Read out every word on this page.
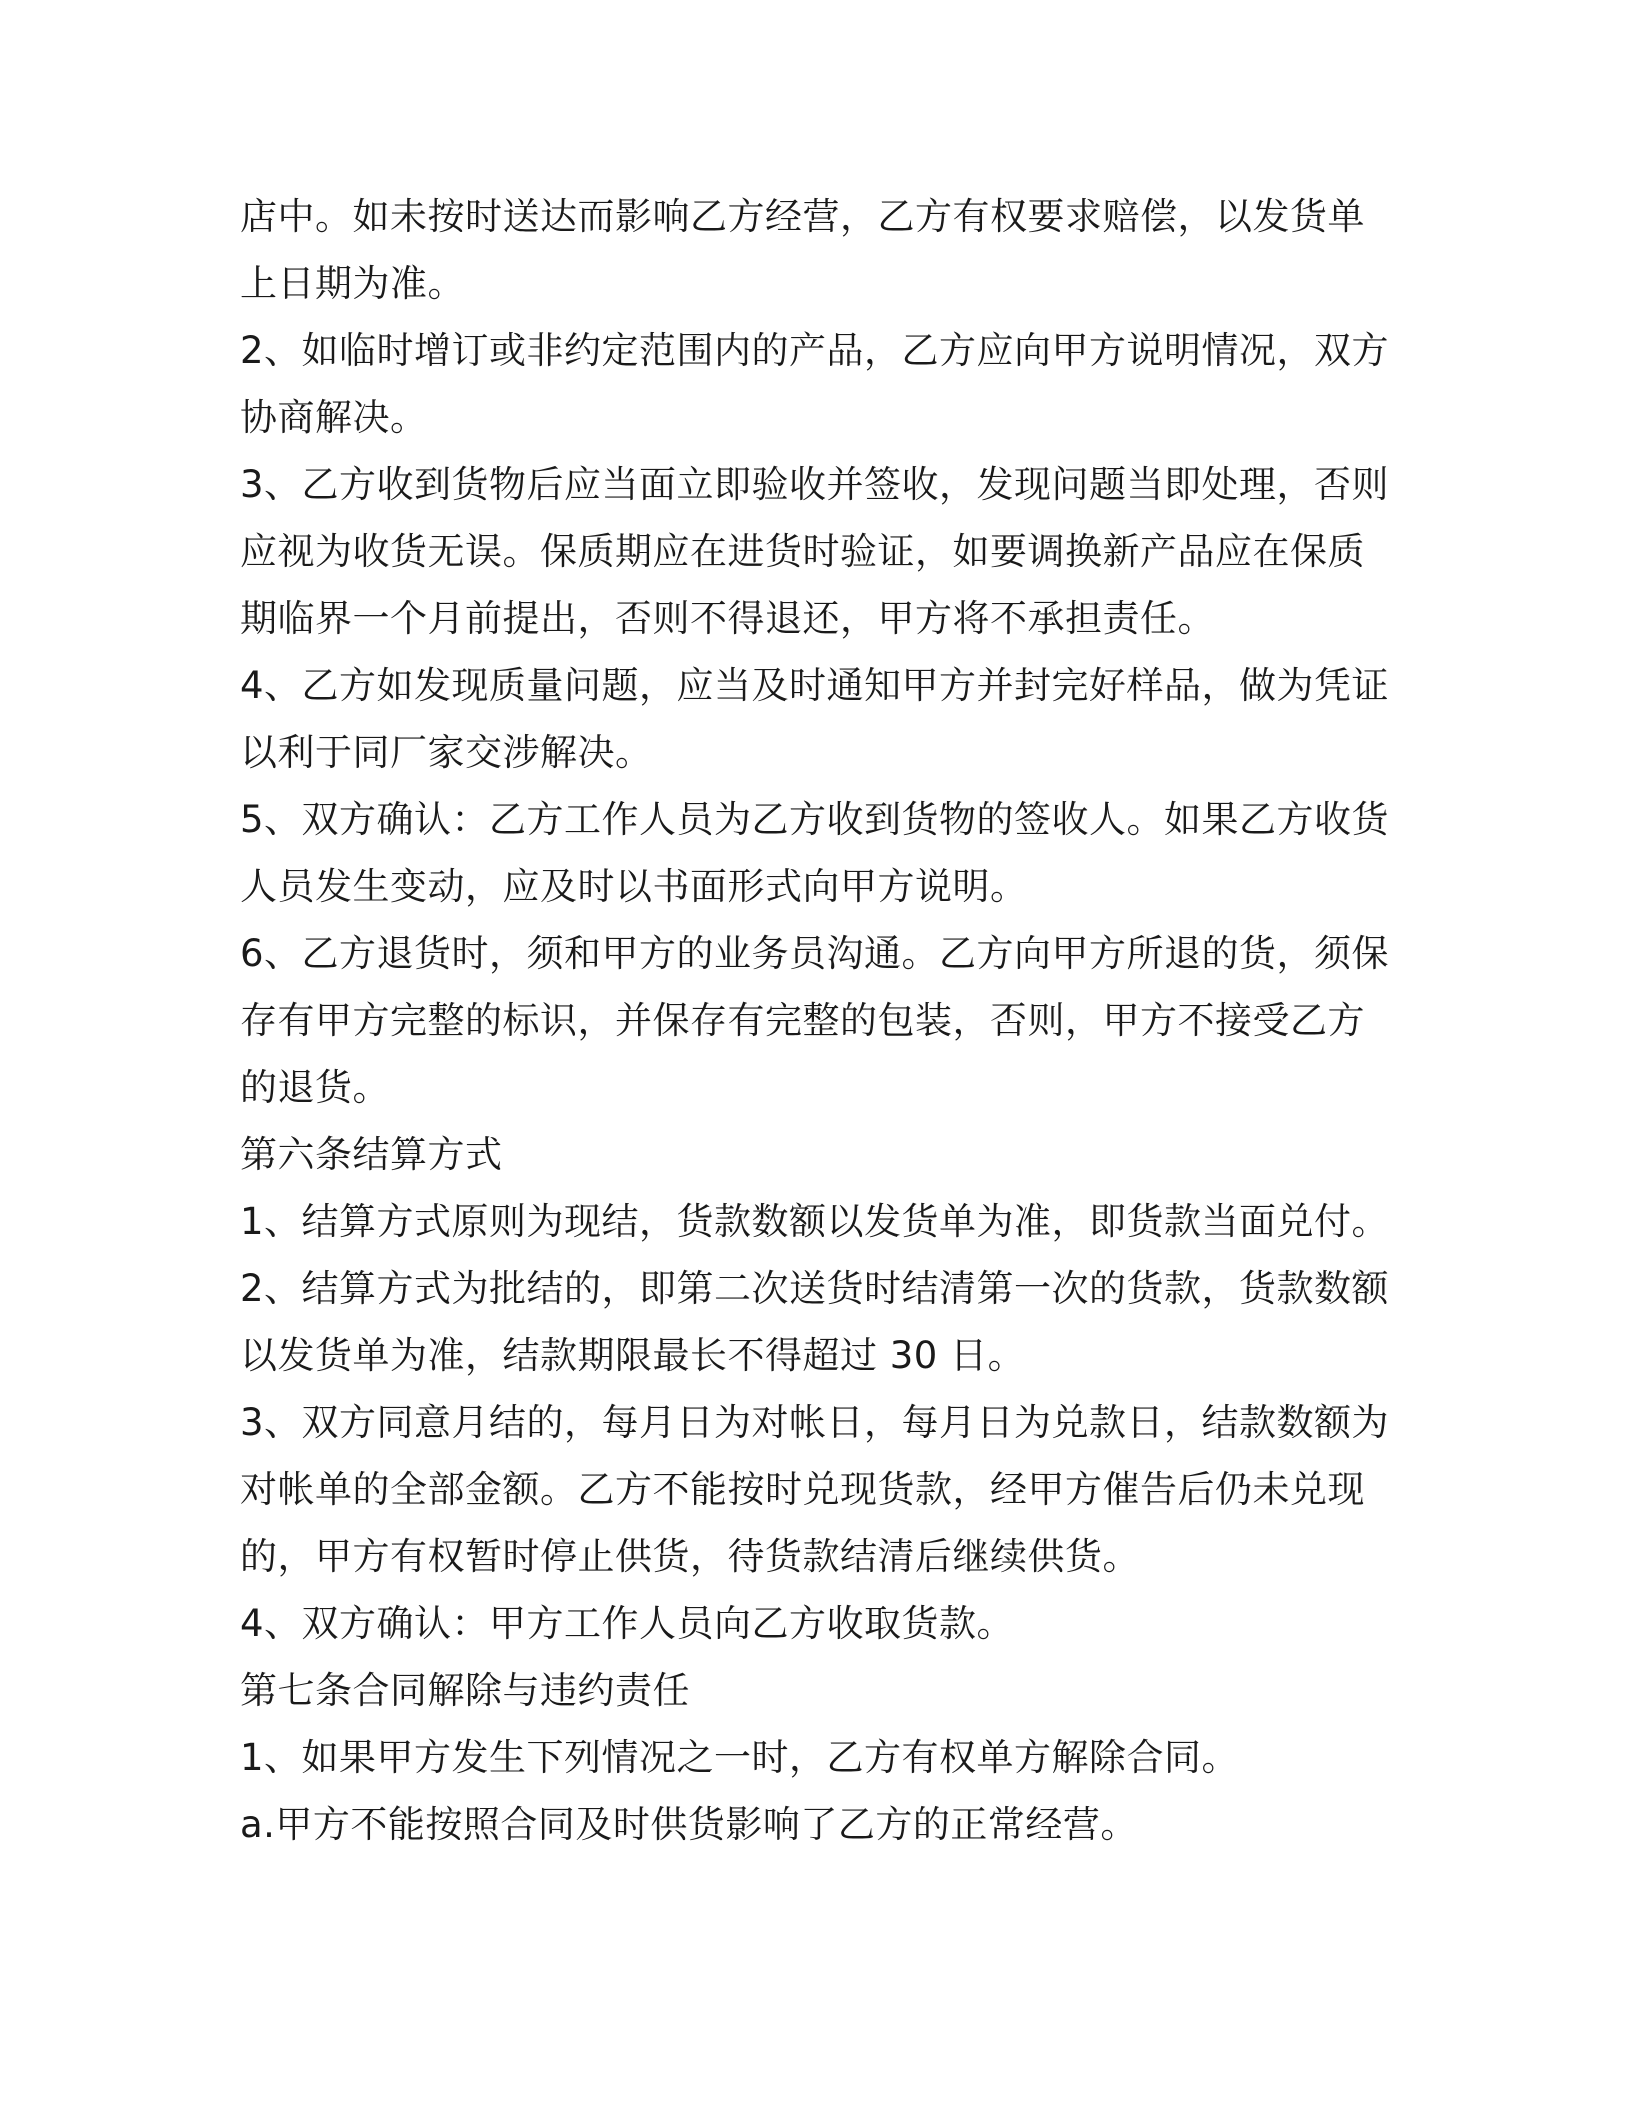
店中。如未按时送达而影响乙方经营，乙方有权要求赔偿，以发货单
上日期为准。
2、如临时增订或非约定范围内的产品，乙方应向甲方说明情况，双方
协商解决。
3、乙方收到货物后应当面立即验收并签收，发现问题当即处理，否则
应视为收货无误。保质期应在进货时验证，如要调换新产品应在保质
期临界一个月前提出，否则不得退还，甲方将不承担责任。
4、乙方如发现质量问题，应当及时通知甲方并封完好样品，做为凭证
以利于同厂家交涉解决。
5、双方确认：乙方工作人员为乙方收到货物的签收人。如果乙方收货
人员发生变动，应及时以书面形式向甲方说明。
6、乙方退货时，须和甲方的业务员沟通。乙方向甲方所退的货，须保
存有甲方完整的标识，并保存有完整的包装，否则，甲方不接受乙方
的退货。
第六条结算方式
1、结算方式原则为现结，货款数额以发货单为准，即货款当面兑付。
2、结算方式为批结的，即第二次送货时结清第一次的货款，货款数额
以发货单为准，结款期限最长不得超过 30 日。
3、双方同意月结的，每月日为对帐日，每月日为兑款日，结款数额为
对帐单的全部金额。乙方不能按时兑现货款，经甲方催告后仍未兑现
的，甲方有权暂时停止供货，待货款结清后继续供货。
4、双方确认：甲方工作人员向乙方收取货款。
第七条合同解除与违约责任
1、如果甲方发生下列情况之一时，乙方有权单方解除合同。
a.甲方不能按照合同及时供货影响了乙方的正常经营。
